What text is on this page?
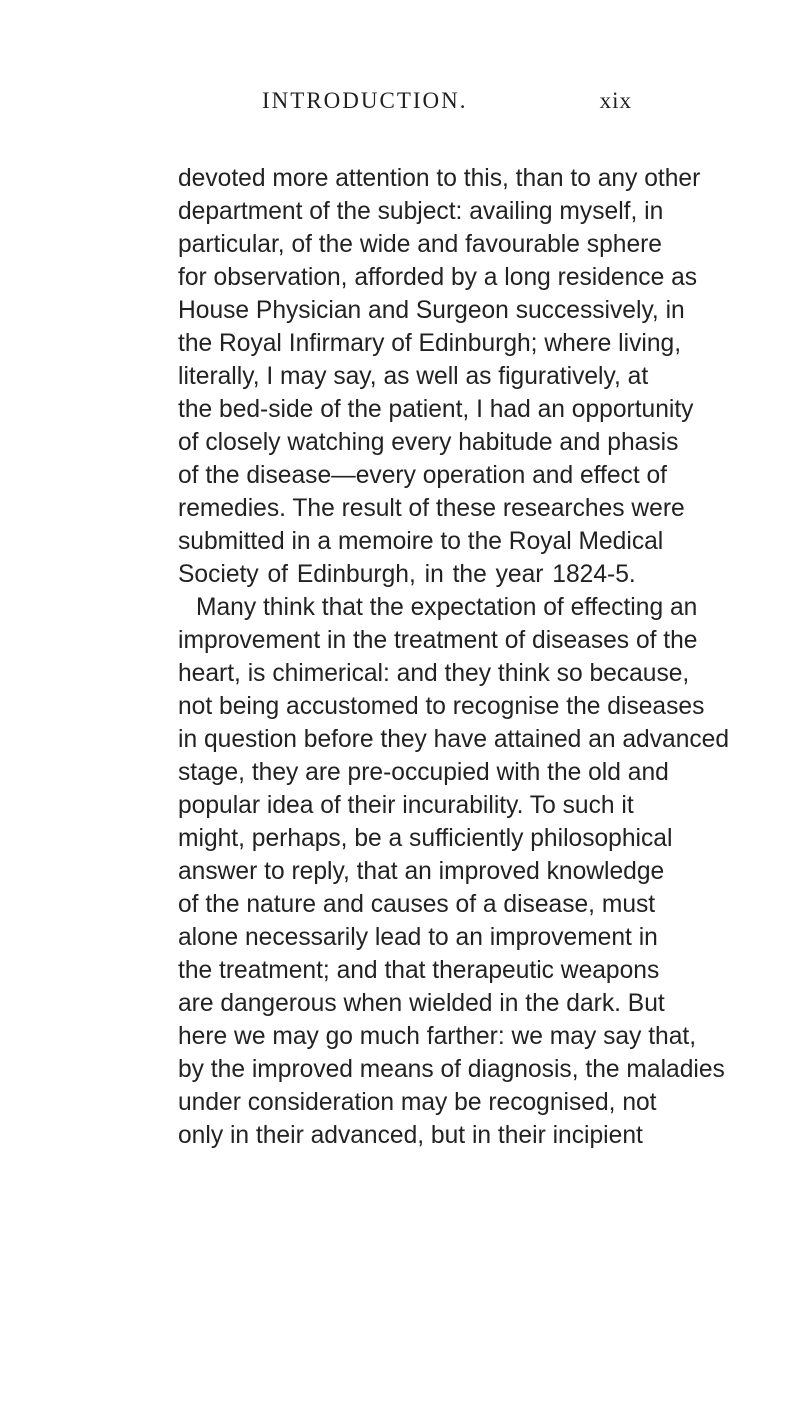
INTRODUCTION.	xix
devoted more attention to this, than to any other
department of the subject: availing myself, in
particular, of the wide and favourable sphere
for observation, afforded by a long residence as
House Physician and Surgeon successively, in
the Royal Infirmary of Edinburgh; where living,
literally, I may say, as well as figuratively, at
the bed-side of the patient, I had an opportunity
of closely watching every habitude and phasis
of the disease—every operation and effect of
remedies. The result of these researches were
submitted in a memoire to the Royal Medical
Society of Edinburgh, in the year 1824-5.
Many think that the expectation of effecting an
improvement in the treatment of diseases of the
heart, is chimerical: and they think so because,
not being accustomed to recognise the diseases
in question before they have attained an advanced
stage, they are pre-occupied with the old and
popular idea of their incurability. To such it
might, perhaps, be a sufficiently philosophical
answer to reply, that an improved knowledge
of the nature and causes of a disease, must
alone necessarily lead to an improvement in
the treatment; and that therapeutic weapons
are dangerous when wielded in the dark. But
here we may go much farther: we may say that,
by the improved means of diagnosis, the maladies
under consideration may be recognised, not
only in their advanced, but in their incipient
